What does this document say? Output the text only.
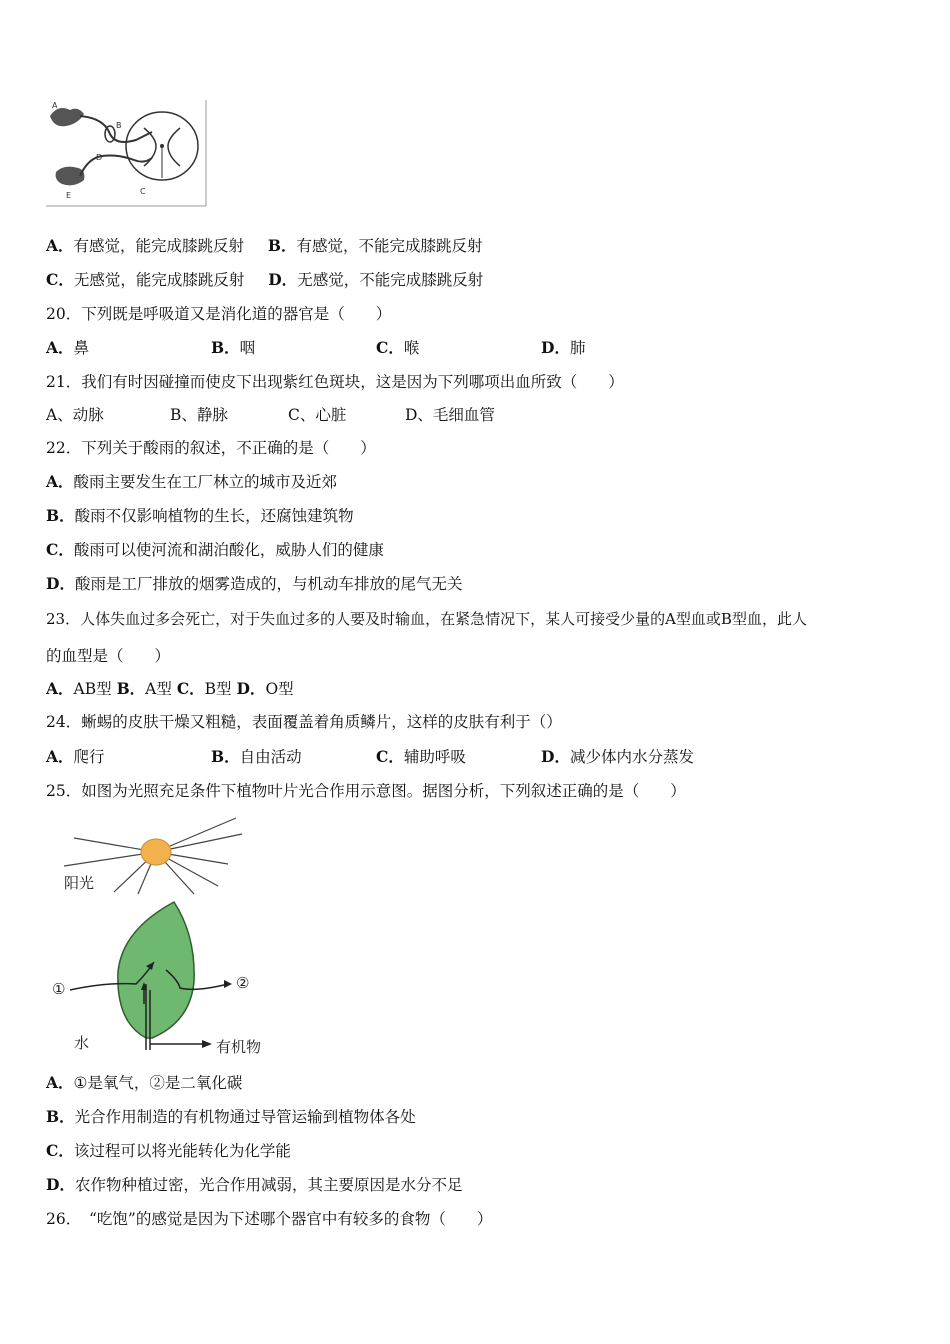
B
D
C
E
A
A．有感觉，能完成膝跳反射 B．有感觉，不能完成膝跳反射
C．无感觉，能完成膝跳反射 D．无感觉，不能完成膝跳反射
20．下列既是呼吸道又是消化道的器官是（　　）
A．鼻	B．咽	C．喉	D．肺
21．我们有时因碰撞而使皮下出现紫红色斑块，这是因为下列哪项出血所致（　　）
A、动脉	B、静脉	C、心脏	D、毛细血管
22．下列关于酸雨的叙述，不正确的是（　　）
A．酸雨主要发生在工厂林立的城市及近郊
B．酸雨不仅影响植物的生长，还腐蚀建筑物
C．酸雨可以使河流和湖泊酸化，威胁人们的健康
D．酸雨是工厂排放的烟雾造成的，与机动车排放的尾气无关
23．人体失血过多会死亡，对于失血过多的人要及时输血，在紧急情况下，某人可接受少量的A型血或B型血，此人
的血型是（　　）
A．AB型 B．A型 C．B型 D．O型
24．蜥蜴的皮肤干燥又粗糙，表面覆盖着角质鳞片，这样的皮肤有利于（）
A．爬行	B．自由活动	C．辅助呼吸	D．减少体内水分蒸发
25．如图为光照充足条件下植物叶片光合作用示意图。据图分析，下列叙述正确的是（　　）
阳光
①	②
水	有机物
A．①是氧气，②是二氧化碳
B．光合作用制造的有机物通过导管运输到植物体各处
C．该过程可以将光能转化为化学能
D．农作物种植过密，光合作用减弱，其主要原因是水分不足
26．　“吃饱”的感觉是因为下述哪个器官中有较多的食物（　　）
